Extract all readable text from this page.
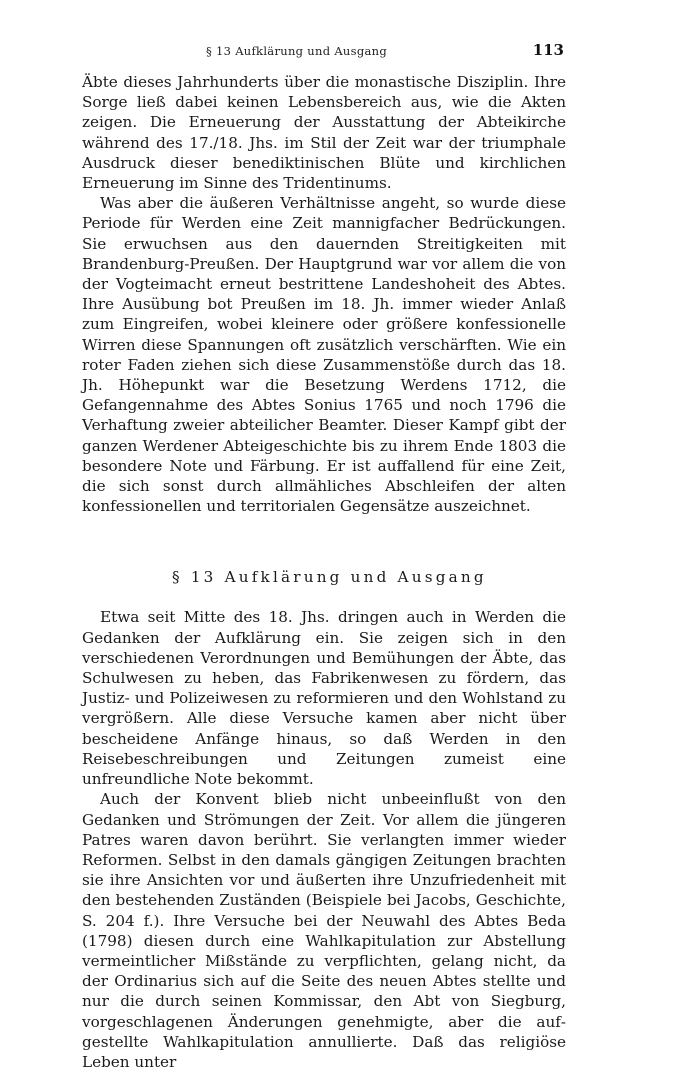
§ 13 Aufklärung und Ausgang	113

Äbte dieses Jahrhunderts über die monastische Disziplin. Ihre Sorge ließ dabei keinen Lebensbereich aus, wie die Akten zeigen. Die Erneuerung der Ausstattung der Abteikirche während des 17./18. Jhs. im Stil der Zeit war der triumphale Ausdruck dieser benediktinischen Blüte und kirchlichen Erneuerung im Sinne des Tridentinums.

Was aber die äußeren Verhältnisse angeht, so wurde diese Periode für Werden eine Zeit mannigfacher Bedrückungen. Sie erwuchsen aus den dauernden Streitigkeiten mit Brandenburg-Preußen. Der Hauptgrund war vor allem die von der Vogteimacht erneut bestrittene Landeshoheit des Abtes. Ihre Ausübung bot Preußen im 18. Jh. immer wieder Anlaß zum Eingreifen, wobei kleinere oder größere konfessionelle Wirren diese Spannungen oft zusätzlich verschärften. Wie ein roter Faden ziehen sich diese Zusammenstöße durch das 18. Jh. Höhepunkt war die Besetzung Werdens 1712, die Gefangennahme des Abtes Sonius 1765 und noch 1796 die Verhaftung zweier abteilicher Beamter. Dieser Kampf gibt der ganzen Werdener Abteigeschichte bis zu ihrem Ende 1803 die besondere Note und Färbung. Er ist auffallend für eine Zeit, die sich sonst durch allmähliches Abschleifen der alten konfessionellen und territorialen Gegensätze auszeichnet.

§ 13 Aufklärung und Ausgang

Etwa seit Mitte des 18. Jhs. dringen auch in Werden die Gedanken der Aufklärung ein. Sie zeigen sich in den verschiedenen Verordnungen und Bemühungen der Äbte, das Schulwesen zu heben, das Fabrikenwesen zu fördern, das Justiz- und Polizeiwesen zu reformieren und den Wohlstand zu vergrößern. Alle diese Versuche kamen aber nicht über bescheidene Anfänge hinaus, so daß Werden in den Reisebeschreibungen und Zeitungen zumeist eine unfreundliche Note bekommt.

Auch der Konvent blieb nicht unbeeinflußt von den Gedanken und Strömungen der Zeit. Vor allem die jüngeren Patres waren davon berührt. Sie verlangten immer wieder Reformen. Selbst in den damals gängigen Zeitungen brachten sie ihre Ansichten vor und äußerten ihre Unzufriedenheit mit den bestehenden Zuständen (Beispiele bei Jacobs, Geschichte, S. 204 f.). Ihre Versuche bei der Neuwahl des Abtes Beda (1798) diesen durch eine Wahlkapitulation zur Abstellung vermeintlicher Mißstände zu verpflichten, gelang nicht, da der Ordinarius sich auf die Seite des neuen Abtes stellte und nur die durch seinen Kommissar, den Abt von Siegburg, vorgeschlagenen Änderungen genehmigte, aber die aufgestellte Wahlkapitulation annullierte. Daß das religiöse Leben unter
